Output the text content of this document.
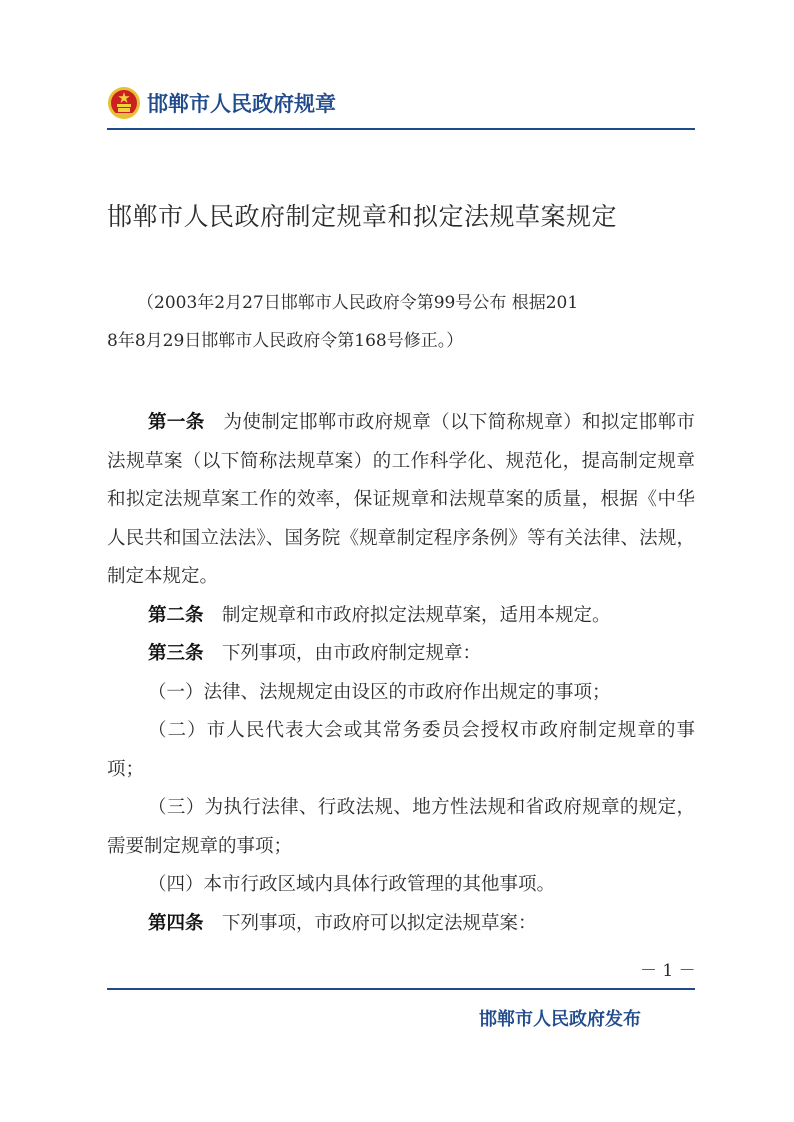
邯郸市人民政府规章
邯郸市人民政府制定规章和拟定法规草案规定
（2003年2月27日邯郸市人民政府令第99号公布 根据201
8年8月29日邯郸市人民政府令第168号修正。）

第一条　 为使制定邯郸市政府规章（以下简称规章）和拟定邯郸市法规草案（以下简称法规草案）的工作科学化、规范化，提高制定规章和拟定法规草案工作的效率，保证规章和法规草案的质量，根据《中华人民共和国立法法》、国务院《规章制定程序条例》等有关法律、法规，制定本规定。

第二条　 制定规章和市政府拟定法规草案，适用本规定。

第三条　 下列事项，由市政府制定规章：

（一）法律、法规规定由设区的市政府作出规定的事项；

（二）市人民代表大会或其常务委员会授权市政府制定规章的事项；

（三）为执行法律、行政法规、地方性法规和省政府规章的规定，需要制定规章的事项；

（四）本市行政区域内具体行政管理的其他事项。

第四条　 下列事项，市政府可以拟定法规草案：

－ 1 －
邯郸市人民政府发布
